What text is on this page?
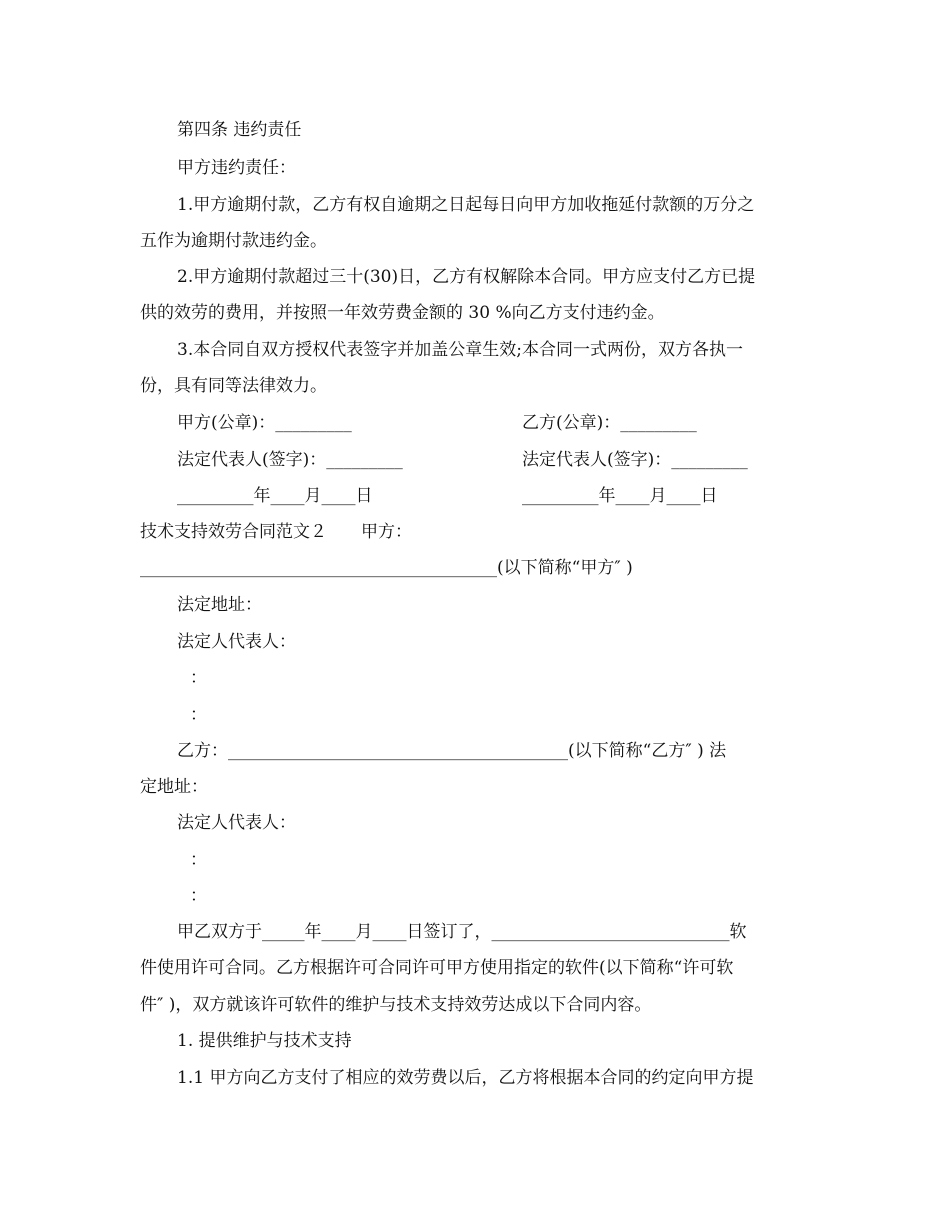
第四条 违约责任
甲方违约责任：
1.甲方逾期付款，乙方有权自逾期之日起每日向甲方加收拖延付款额的万分之
五作为逾期付款违约金。
2.甲方逾期付款超过三十(30)日，乙方有权解除本合同。甲方应支付乙方已提
供的效劳的费用，并按照一年效劳费金额的 30 %向乙方支付违约金。
3.本合同自双方授权代表签字并加盖公章生效;本合同一式两份，双方各执一
份，具有同等法律效力。
甲方(公章)：_________	乙方(公章)：_________
法定代表人(签字)：_________	法定代表人(签字)：_________
_________年____月____日	_________年____月____日
技术支持效劳合同范文２　　甲方：
__________________________________________(以下简称“甲方″ )
法定地址：
法定人代表人：
：
：
乙方：________________________________________(以下简称“乙方″ ) 法
定地址：
法定人代表人：
：
：
甲乙双方于_____年____月____日签订了，____________________________软
件使用许可合同。乙方根据许可合同许可甲方使用指定的软件(以下简称“许可软
件″ )，双方就该许可软件的维护与技术支持效劳达成以下合同内容。
1. 提供维护与技术支持
1.1 甲方向乙方支付了相应的效劳费以后，乙方将根据本合同的约定向甲方提
